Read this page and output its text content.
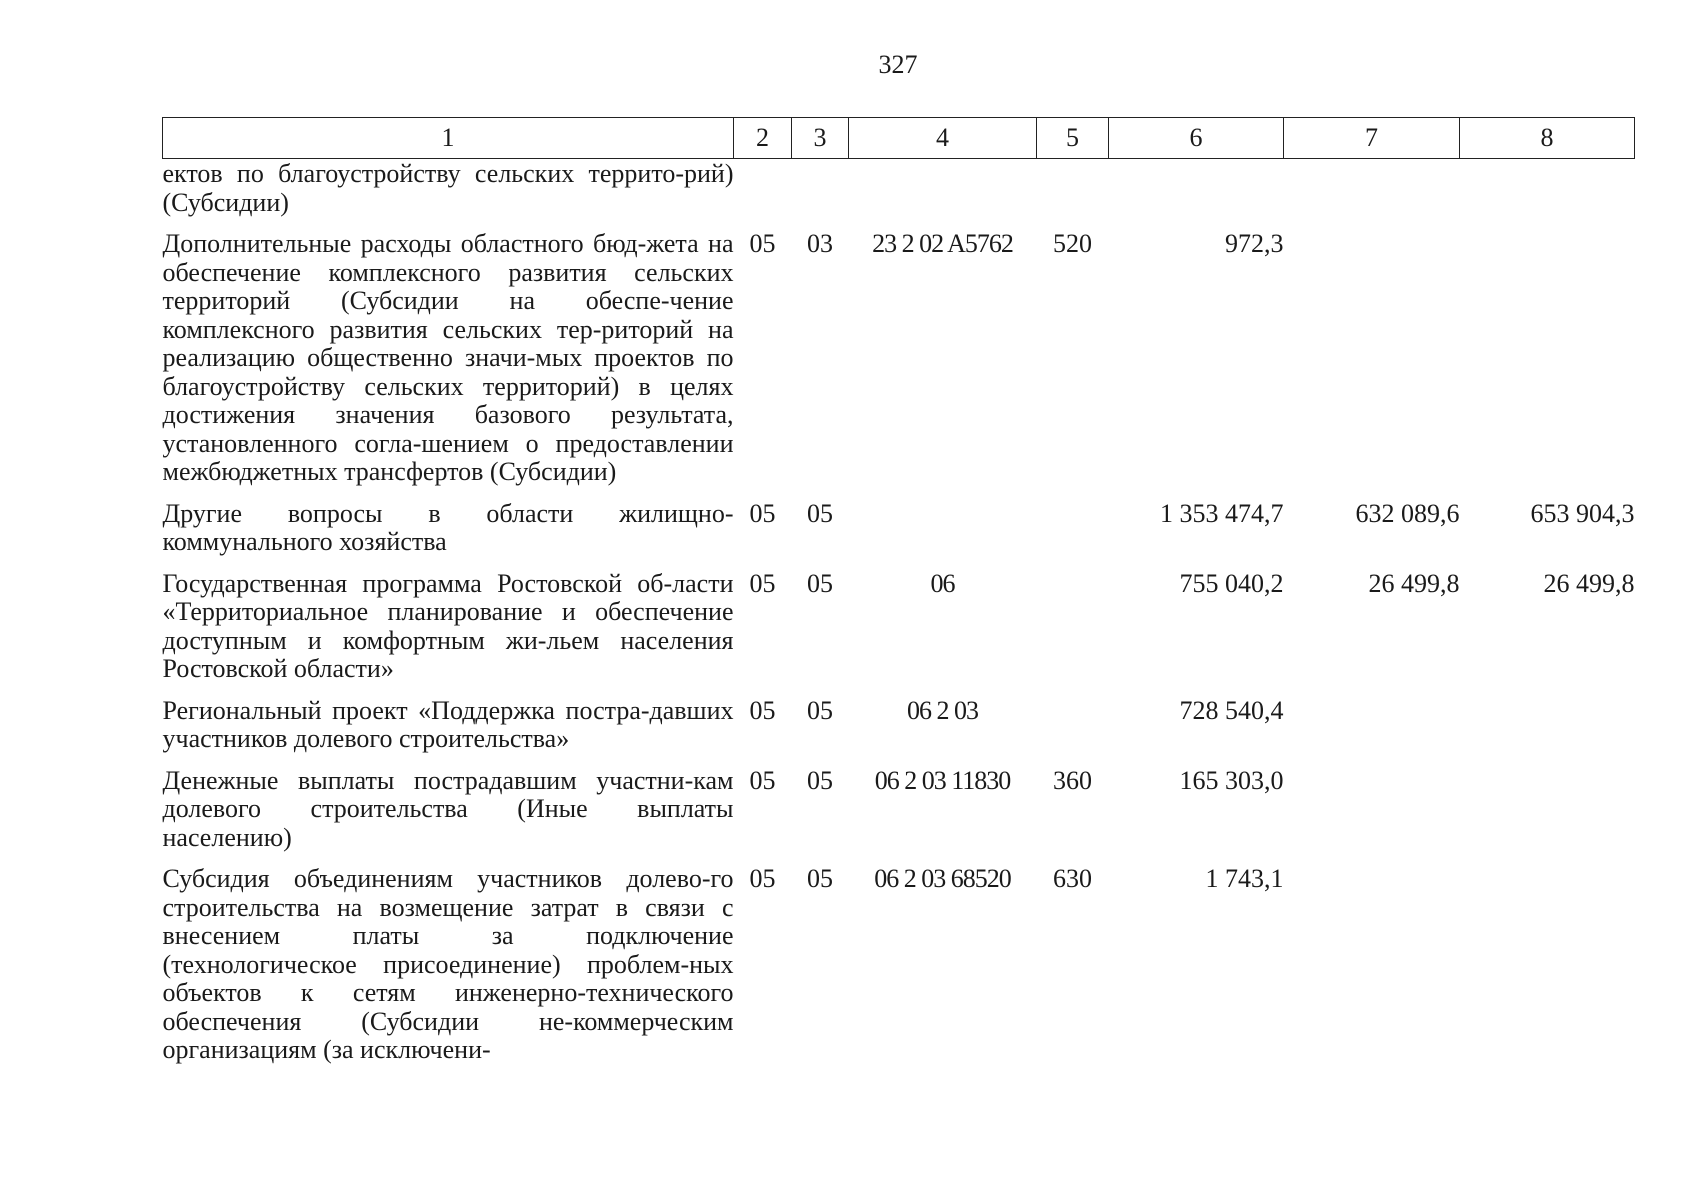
327
1	2	3	4	5	6	7	8
ектов по благоустройству сельских террито-рий) (Субсидии)							
Дополнительные расходы областного бюд-жета на обеспечение комплексного развития сельских территорий (Субсидии на обеспе-чение комплексного развития сельских тер-риторий на реализацию общественно значи-мых проектов по благоустройству сельских территорий) в целях достижения значения базового результата, установленного согла-шением о предоставлении межбюджетных трансфертов (Субсидии)	05	03	23 2 02 A5762	520	972,3		
Другие вопросы в области жилищно-коммунального хозяйства	05	05			1 353 474,7	632 089,6	653 904,3
Государственная программа Ростовской об-ласти «Территориальное планирование и обеспечение доступным и комфортным жи-льем населения Ростовской области»	05	05	06		755 040,2	26 499,8	26 499,8
Региональный проект «Поддержка постра-давших участников долевого строительства»	05	05	06 2 03		728 540,4		
Денежные выплаты пострадавшим участни-кам долевого строительства (Иные выплаты населению)	05	05	06 2 03 11830	360	165 303,0		
Субсидия объединениям участников долево-го строительства на возмещение затрат в связи с внесением платы за подключение (технологическое присоединение) проблем-ных объектов к сетям инженерно-технического обеспечения (Субсидии не-коммерческим организациям (за исключени-	05	05	06 2 03 68520	630	1 743,1		
